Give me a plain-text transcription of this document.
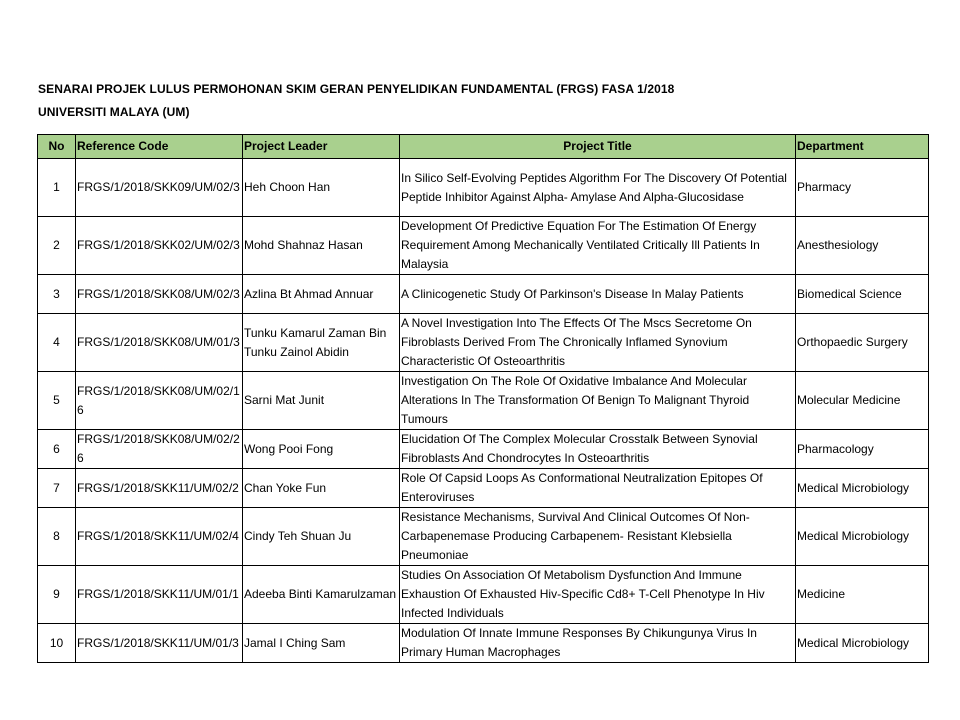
SENARAI PROJEK LULUS PERMOHONAN SKIM GERAN PENYELIDIKAN FUNDAMENTAL (FRGS) FASA 1/2018
UNIVERSITI MALAYA (UM)
No	Reference Code	Project Leader	Project Title	Department
1	FRGS/1/2018/SKK09/UM/02/3	Heh Choon Han	In Silico Self-Evolving Peptides Algorithm For The Discovery Of Potential Peptide Inhibitor Against Alpha- Amylase And Alpha-Glucosidase	Pharmacy
2	FRGS/1/2018/SKK02/UM/02/3	Mohd Shahnaz Hasan	Development Of Predictive Equation For The Estimation Of Energy Requirement Among Mechanically Ventilated Critically Ill Patients In Malaysia	Anesthesiology
3	FRGS/1/2018/SKK08/UM/02/3	Azlina Bt Ahmad Annuar	A Clinicogenetic Study Of Parkinson's Disease In Malay Patients	Biomedical Science
4	FRGS/1/2018/SKK08/UM/01/3	Tunku Kamarul Zaman Bin Tunku Zainol Abidin	A Novel Investigation Into The Effects Of The Mscs Secretome On Fibroblasts Derived From The Chronically Inflamed Synovium Characteristic Of Osteoarthritis	Orthopaedic Surgery
5	FRGS/1/2018/SKK08/UM/02/16	Sarni Mat Junit	Investigation On The Role Of Oxidative Imbalance And Molecular Alterations In The Transformation Of Benign To Malignant Thyroid Tumours	Molecular Medicine
6	FRGS/1/2018/SKK08/UM/02/26	Wong Pooi Fong	Elucidation Of The Complex Molecular Crosstalk Between Synovial Fibroblasts And Chondrocytes In Osteoarthritis	Pharmacology
7	FRGS/1/2018/SKK11/UM/02/2	Chan Yoke Fun	Role Of Capsid Loops As Conformational Neutralization Epitopes Of Enteroviruses	Medical Microbiology
8	FRGS/1/2018/SKK11/UM/02/4	Cindy Teh Shuan Ju	Resistance Mechanisms, Survival And Clinical Outcomes Of Non-Carbapenemase Producing Carbapenem- Resistant Klebsiella Pneumoniae	Medical Microbiology
9	FRGS/1/2018/SKK11/UM/01/1	Adeeba Binti Kamarulzaman	Studies On Association Of Metabolism Dysfunction And Immune Exhaustion Of Exhausted Hiv-Specific Cd8+ T-Cell Phenotype In Hiv Infected Individuals	Medicine
10	FRGS/1/2018/SKK11/UM/01/3	Jamal I Ching Sam	Modulation Of Innate Immune Responses By Chikungunya Virus In Primary Human Macrophages	Medical Microbiology
